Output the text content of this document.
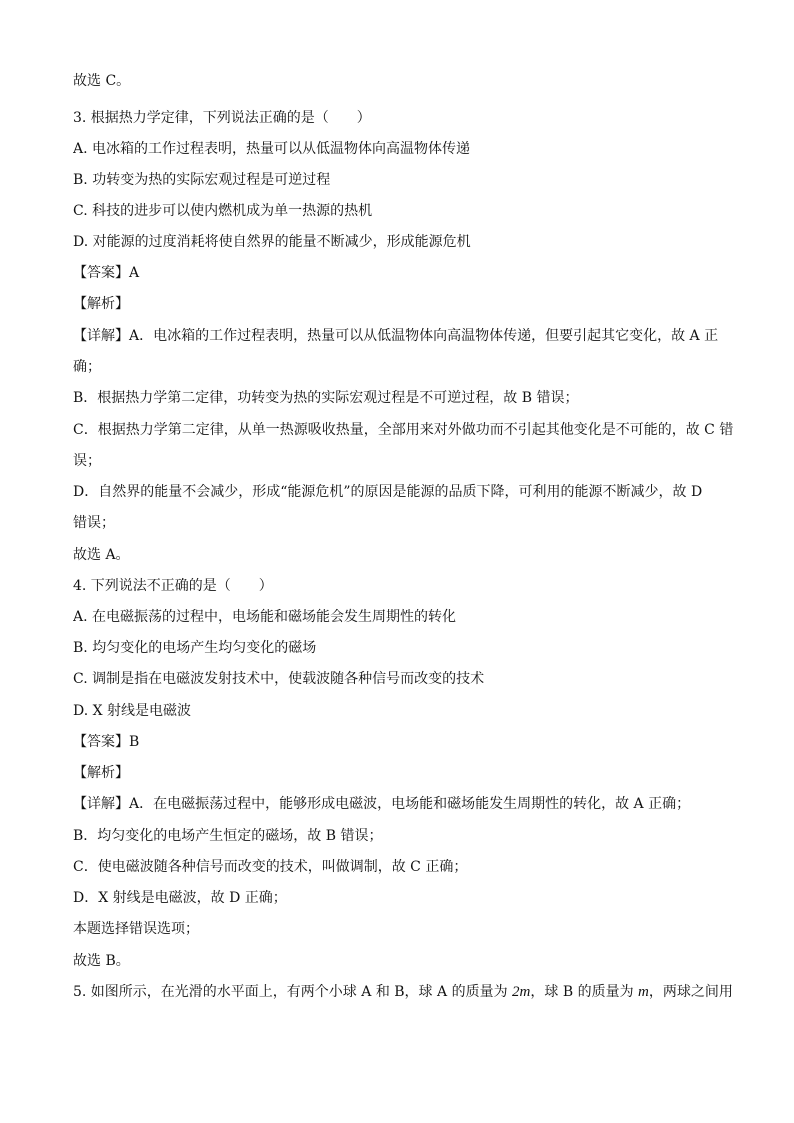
故选 C。
3. 根据热力学定律，下列说法正确的是（　　）
A. 电冰箱的工作过程表明，热量可以从低温物体向高温物体传递
B. 功转变为热的实际宏观过程是可逆过程
C. 科技的进步可以使内燃机成为单一热源的热机
D. 对能源的过度消耗将使自然界的能量不断减少，形成能源危机
【答案】A
【解析】
【详解】A．电冰箱的工作过程表明，热量可以从低温物体向高温物体传递，但要引起其它变化，故 A 正
确；
B．根据热力学第二定律，功转变为热的实际宏观过程是不可逆过程，故 B 错误；
C．根据热力学第二定律，从单一热源吸收热量，全部用来对外做功而不引起其他变化是不可能的，故 C 错
误；
D．自然界的能量不会减少，形成“能源危机”的原因是能源的品质下降，可利用的能源不断减少，故 D
错误；
故选 A。
4. 下列说法不正确的是（　　）
A. 在电磁振荡的过程中，电场能和磁场能会发生周期性的转化
B. 均匀变化的电场产生均匀变化的磁场
C. 调制是指在电磁波发射技术中，使载波随各种信号而改变的技术
D. X 射线是电磁波
【答案】B
【解析】
【详解】A．在电磁振荡过程中，能够形成电磁波，电场能和磁场能发生周期性的转化，故 A 正确；
B．均匀变化的电场产生恒定的磁场，故 B 错误；
C．使电磁波随各种信号而改变的技术，叫做调制，故 C 正确；
D．X 射线是电磁波，故 D 正确；
本题选择错误选项；
故选 B。
5. 如图所示，在光滑的水平面上，有两个小球 A 和 B，球 A 的质量为 2m，球 B 的质量为 m，两球之间用
